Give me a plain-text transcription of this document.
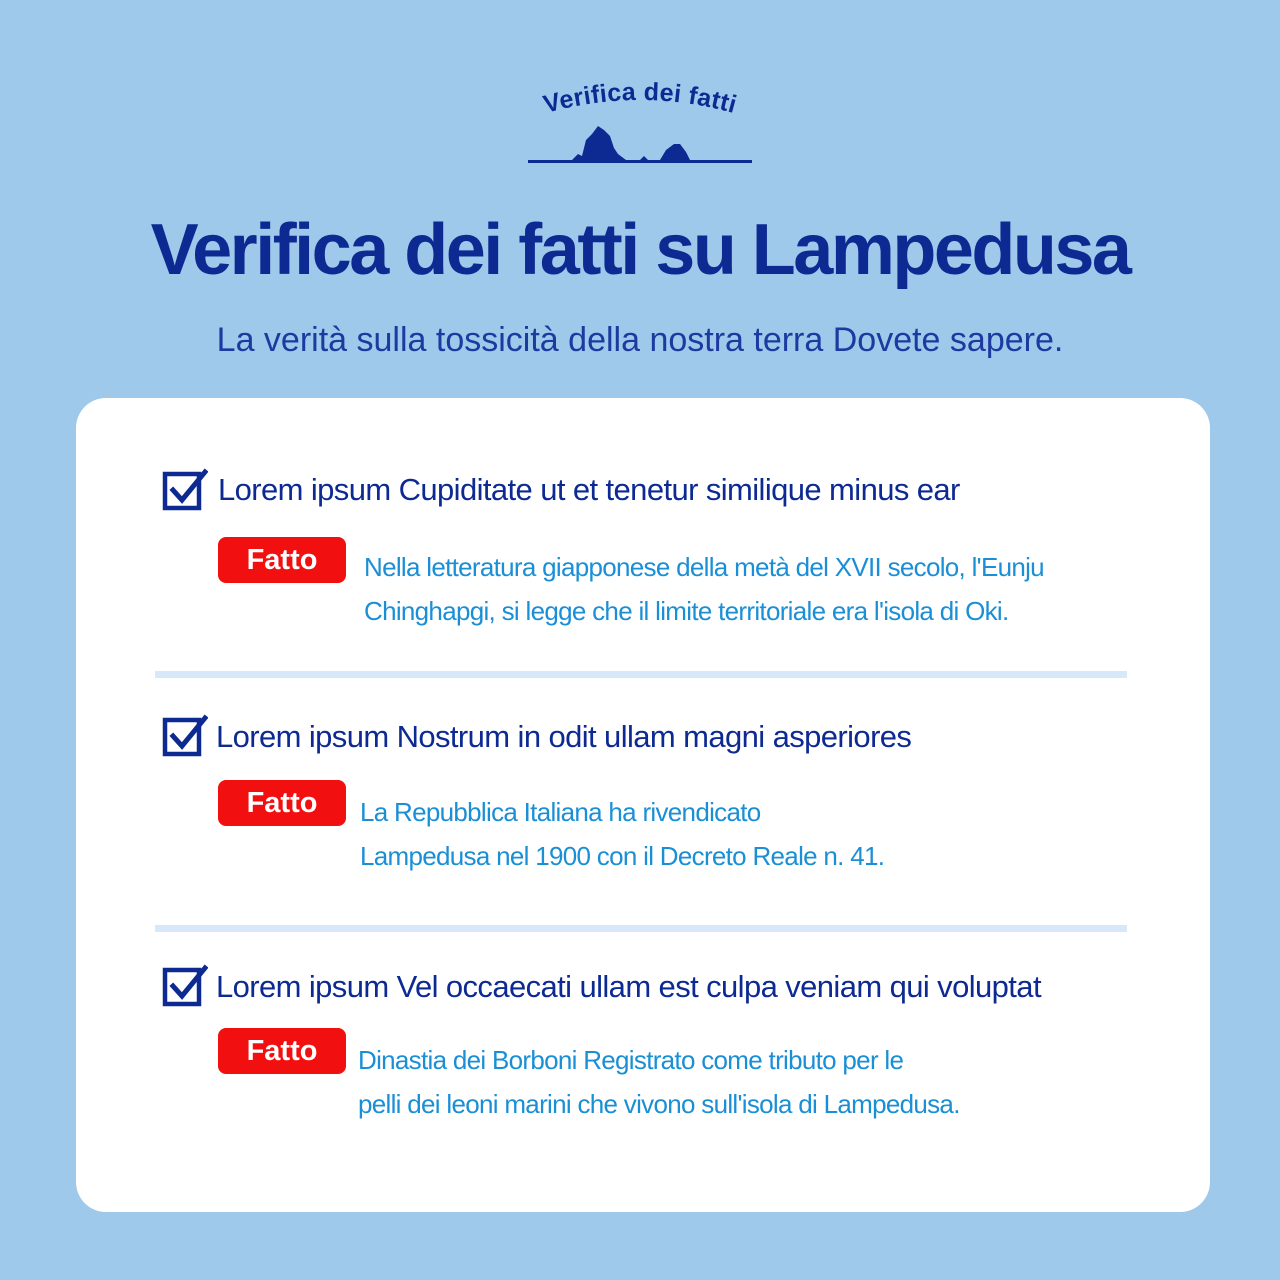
Verifica dei fatti
Verifica dei fatti su Lampedusa
La verità sulla tossicità della nostra terra Dovete sapere.
Lorem ipsum Cupiditate ut et tenetur similique minus ear
Fatto	Nella letteratura giapponese della metà del XVII secolo, l'Eunju
Chinghapgi, si legge che il limite territoriale era l'isola di Oki.
Lorem ipsum Nostrum in odit ullam magni asperiores
Fatto	La Repubblica Italiana ha rivendicato
Lampedusa nel 1900 con il Decreto Reale n. 41.
Lorem ipsum Vel occaecati ullam est culpa veniam qui voluptat
Fatto	Dinastia dei Borboni Registrato come tributo per le
pelli dei leoni marini che vivono sull'isola di Lampedusa.
